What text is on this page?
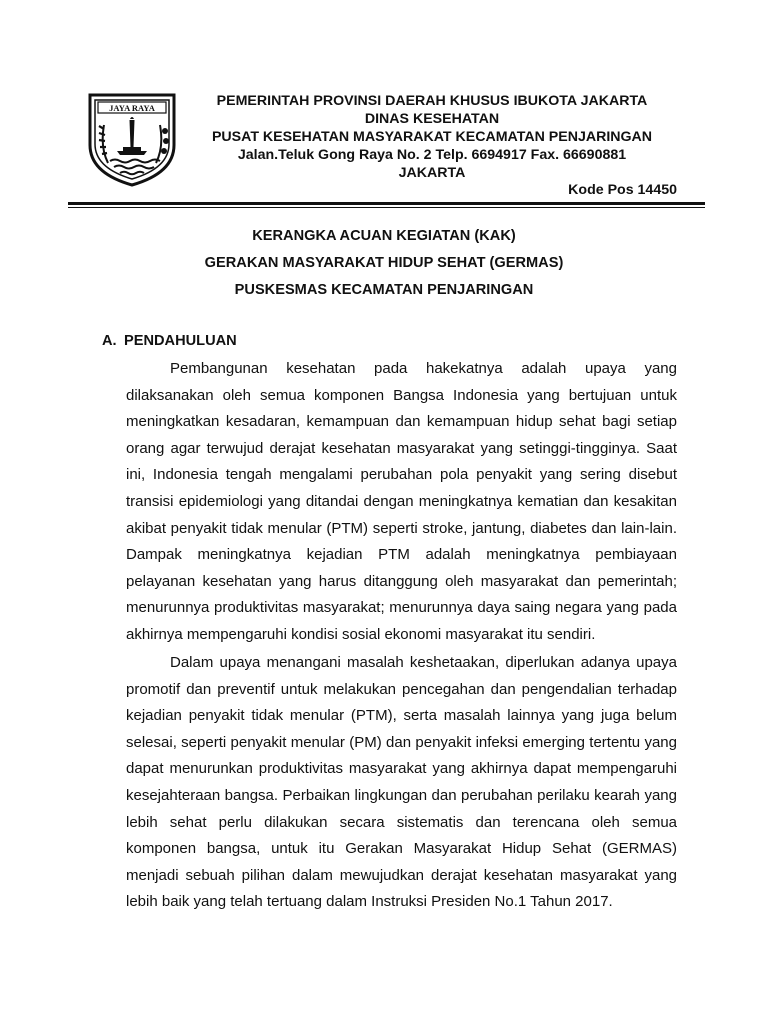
JAYA RAYA	PEMERINTAH PROVINSI DAERAH KHUSUS IBUKOTA JAKARTA
DINAS KESEHATAN
PUSAT KESEHATAN MASYARAKAT KECAMATAN PENJARINGAN
Jalan.Teluk Gong Raya No. 2 Telp. 6694917 Fax. 66690881
JAKARTA
Kode Pos 14450
KERANGKA ACUAN KEGIATAN (KAK)
GERAKAN MASYARAKAT HIDUP SEHAT (GERMAS)
PUSKESMAS KECAMATAN PENJARINGAN
A. PENDAHULUAN

Pembangunan kesehatan pada hakekatnya adalah upaya yang dilaksanakan oleh semua komponen Bangsa Indonesia yang bertujuan untuk meningkatkan kesadaran, kemampuan dan kemampuan hidup sehat bagi setiap orang agar terwujud derajat kesehatan masyarakat yang setinggi-tingginya. Saat ini, Indonesia tengah mengalami perubahan pola penyakit yang sering disebut transisi epidemiologi yang ditandai dengan meningkatnya kematian dan kesakitan akibat penyakit tidak menular (PTM) seperti stroke, jantung, diabetes dan lain-lain. Dampak meningkatnya kejadian PTM adalah meningkatnya pembiayaan pelayanan kesehatan yang harus ditanggung oleh masyarakat dan pemerintah; menurunnya produktivitas masyarakat; menurunnya daya saing negara yang pada akhirnya mempengaruhi kondisi sosial ekonomi masyarakat itu sendiri.

Dalam upaya menangani masalah keshetaakan, diperlukan adanya upaya promotif dan preventif untuk melakukan pencegahan dan pengendalian terhadap kejadian penyakit tidak menular (PTM), serta masalah lainnya yang juga belum selesai, seperti penyakit menular (PM) dan penyakit infeksi emerging tertentu yang dapat menurunkan produktivitas masyarakat yang akhirnya dapat mempengaruhi kesejahteraan bangsa. Perbaikan lingkungan dan perubahan perilaku kearah yang lebih sehat perlu dilakukan secara sistematis dan terencana oleh semua komponen bangsa, untuk itu Gerakan Masyarakat Hidup Sehat (GERMAS) menjadi sebuah pilihan dalam mewujudkan derajat kesehatan masyarakat yang lebih baik yang telah tertuang dalam Instruksi Presiden No.1 Tahun 2017.
